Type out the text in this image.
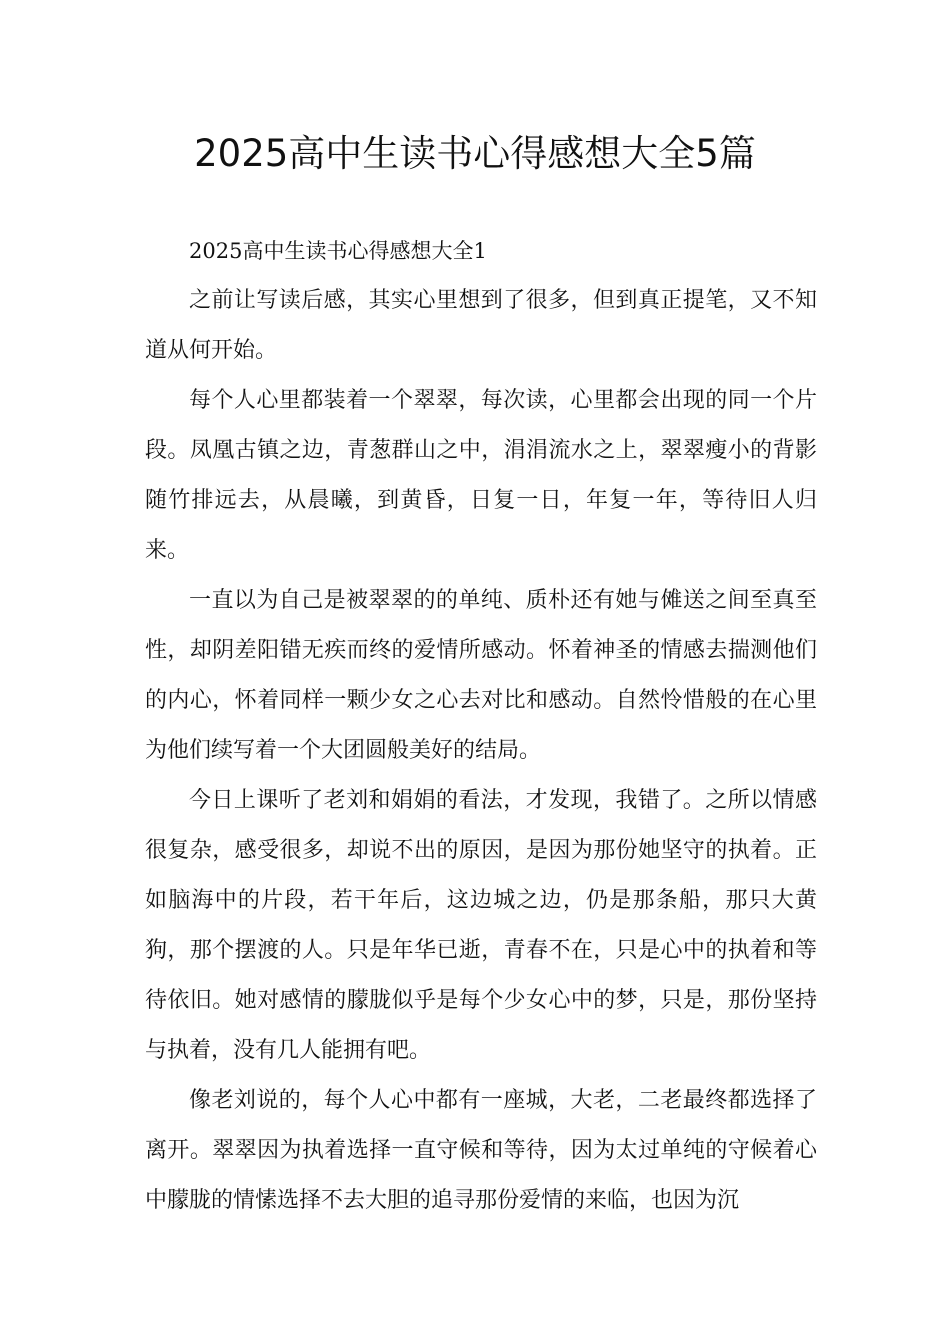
2025高中生读书心得感想大全5篇

2025高中生读书心得感想大全1

之前让写读后感，其实心里想到了很多，但到真正提笔，又不知道从何开始。

每个人心里都装着一个翠翠，每次读，心里都会出现的同一个片段。凤凰古镇之边，青葱群山之中，涓涓流水之上，翠翠瘦小的背影随竹排远去，从晨曦，到黄昏，日复一日，年复一年，等待旧人归来。

一直以为自己是被翠翠的的单纯、质朴还有她与傩送之间至真至性，却阴差阳错无疾而终的爱情所感动。怀着神圣的情感去揣测他们的内心，怀着同样一颗少女之心去对比和感动。自然怜惜般的在心里为他们续写着一个大团圆般美好的结局。

今日上课听了老刘和娟娟的看法，才发现，我错了。之所以情感很复杂，感受很多，却说不出的原因，是因为那份她坚守的执着。正如脑海中的片段，若干年后，这边城之边，仍是那条船，那只大黄狗，那个摆渡的人。只是年华已逝，青春不在，只是心中的执着和等待依旧。她对感情的朦胧似乎是每个少女心中的梦，只是，那份坚持与执着，没有几人能拥有吧。

像老刘说的，每个人心中都有一座城，大老，二老最终都选择了离开。翠翠因为执着选择一直守候和等待，因为太过单纯的守候着心中朦胧的情愫选择不去大胆的追寻那份爱情的来临，也因为沉
